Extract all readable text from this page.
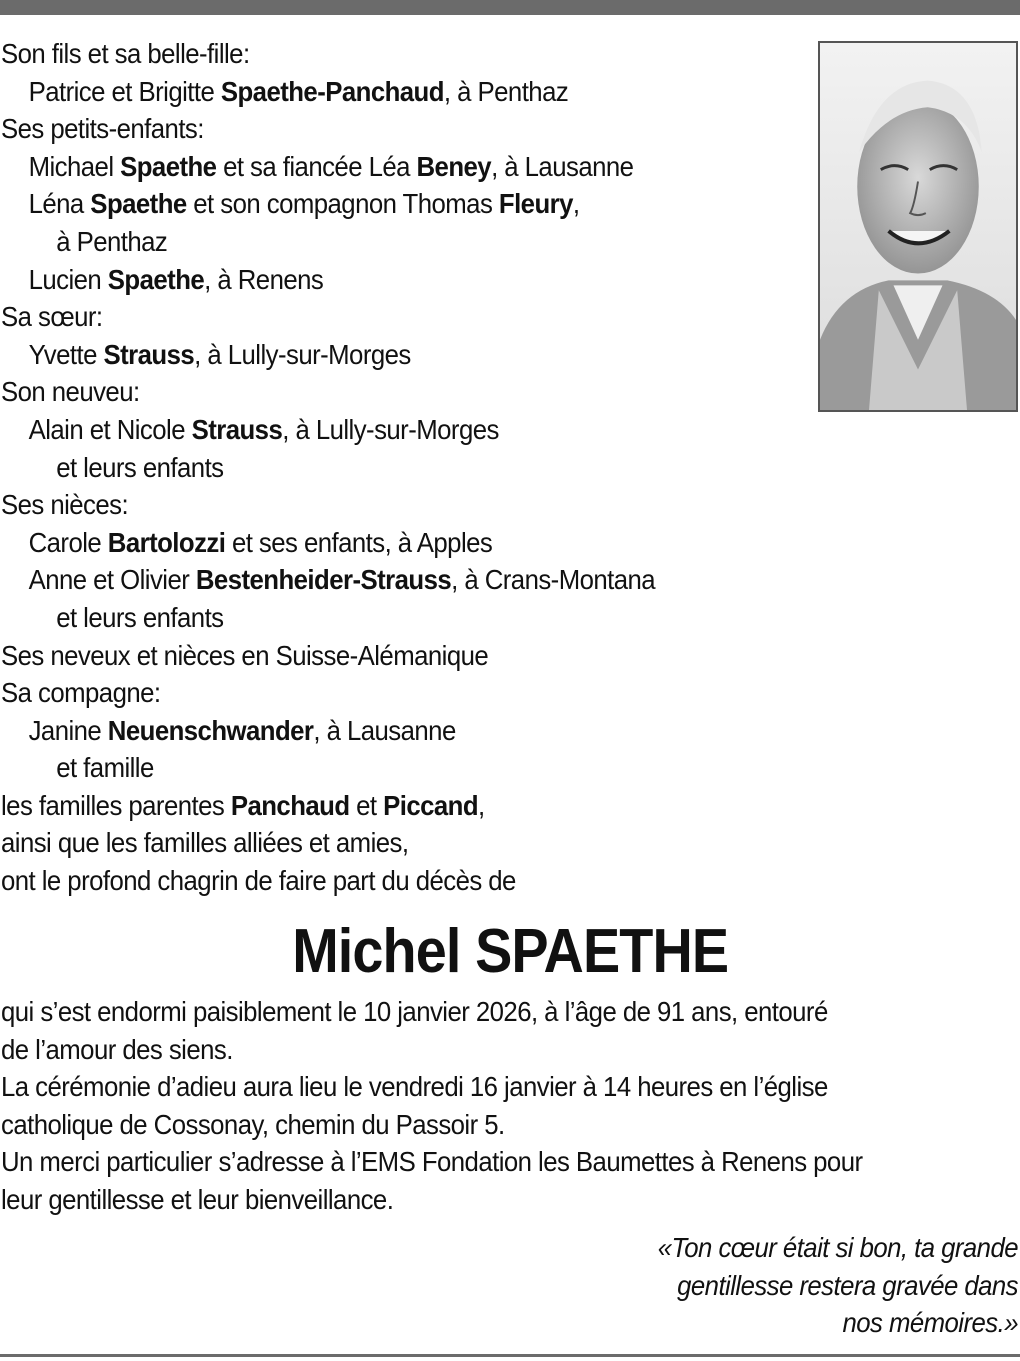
Son fils et sa belle-fille:
Patrice et Brigitte Spaethe-Panchaud, à Penthaz
Ses petits-enfants:
Michael Spaethe et sa fiancée Léa Beney, à Lausanne
Léna Spaethe et son compagnon Thomas Fleury,
à Penthaz
Lucien Spaethe, à Renens
Sa sœur:
Yvette Strauss, à Lully-sur-Morges
Son neuveu:
Alain et Nicole Strauss, à Lully-sur-Morges
et leurs enfants
Ses nièces:
Carole Bartolozzi et ses enfants, à Apples
Anne et Olivier Bestenheider-Strauss, à Crans-Montana
et leurs enfants
Ses neveux et nièces en Suisse-Alémanique
Sa compagne:
Janine Neuenschwander, à Lausanne
et famille
les familles parentes Panchaud et Piccand,
ainsi que les familles alliées et amies,
ont le profond chagrin de faire part du décès de
Michel SPAETHE
qui s’est endormi paisiblement le 10 janvier 2026, à l’âge de 91 ans, entouré
de l’amour des siens.
La cérémonie d’adieu aura lieu le vendredi 16 janvier à 14 heures en l’église
catholique de Cossonay, chemin du Passoir 5.
Un merci particulier s’adresse à l’EMS Fondation les Baumettes à Renens pour
leur gentillesse et leur bienveillance.
«Ton cœur était si bon, ta grande
gentillesse restera gravée dans
nos mémoires.»
